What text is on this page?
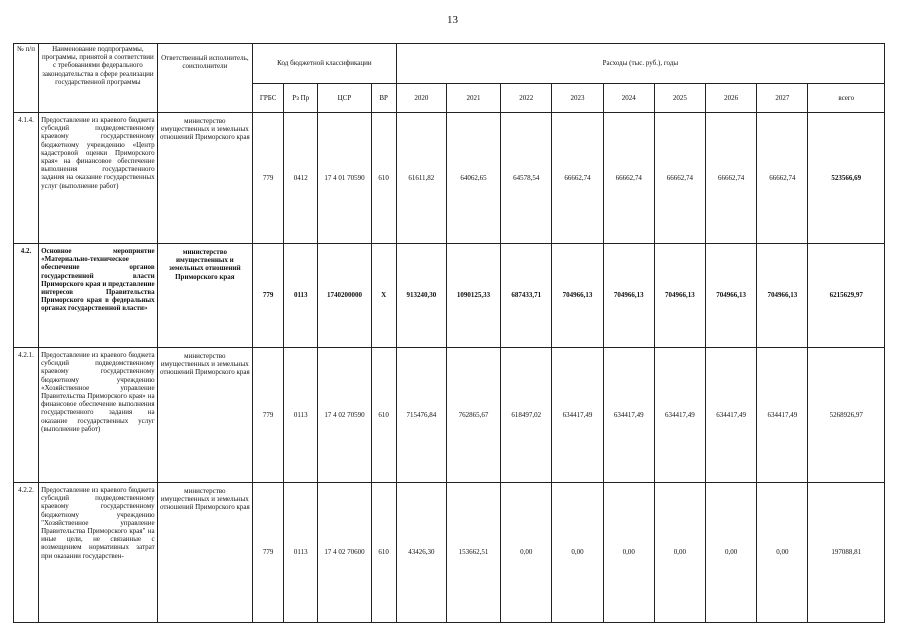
13
№ п/п	Наименование подпрограммы, программы, принятой в соответствии с требованиями федерального законодательства в сфере реализации государственной программы	Ответственный исполнитель, соисполнители	Код бюджетной классификации				Расходы (тыс. руб.), годы								
			ГРБС	Рз Пр	ЦСР	ВР	2020	2021	2022	2023	2024	2025	2026	2027	всего
4.1.4.	Предоставление из краевого бюджета субсидий подведомственному краевому государственному бюджетному учреждению «Центр кадастровой оценки Приморского края» на финансовое обеспечение выполнения государственного задания на оказание государственных услуг (выполнение работ)	министерство имущественных и земельных отношений Приморского края	779	0412	17 4 01 70590	610	61611,82	64062,65	64578,54	66662,74	66662,74	66662,74	66662,74	66662,74	523566,69
4.2.	Основное мероприятие «Материально-техническое обеспечение органов государственной власти Приморского края и представление интересов Правительства Приморского края в федеральных органах государственной власти»	министерство имущественных и земельных отношений Приморского края	779	0113	1740200000	X	913240,30	1090125,33	687433,71	704966,13	704966,13	704966,13	704966,13	704966,13	6215629,97
4.2.1.	Предоставление из краевого бюджета субсидий подведомственному краевому государственному бюджетному учреждению «Хозяйственное управление Правительства Приморского края» на финансовое обеспечение выполнения государственного задания на оказание государственных услуг (выполнение работ)	министерство имущественных и земельных отношений Приморского края	779	0113	17 4 02 70590	610	715476,84	762865,67	618497,02	634417,49	634417,49	634417,49	634417,49	634417,49	5268926,97
4.2.2.	Предоставление из краевого бюджета субсидий подведомственному краевому государственному бюджетному учреждению "Хозяйственное управление Правительства Приморского края" на иные цели, не связанные с возмещением нормативных затрат при оказании государствен-	министерство имущественных и земельных отношений Приморского края	779	0113	17 4 02 70600	610	43426,30	153662,51	0,00	0,00	0,00	0,00	0,00	0,00	197088,81
